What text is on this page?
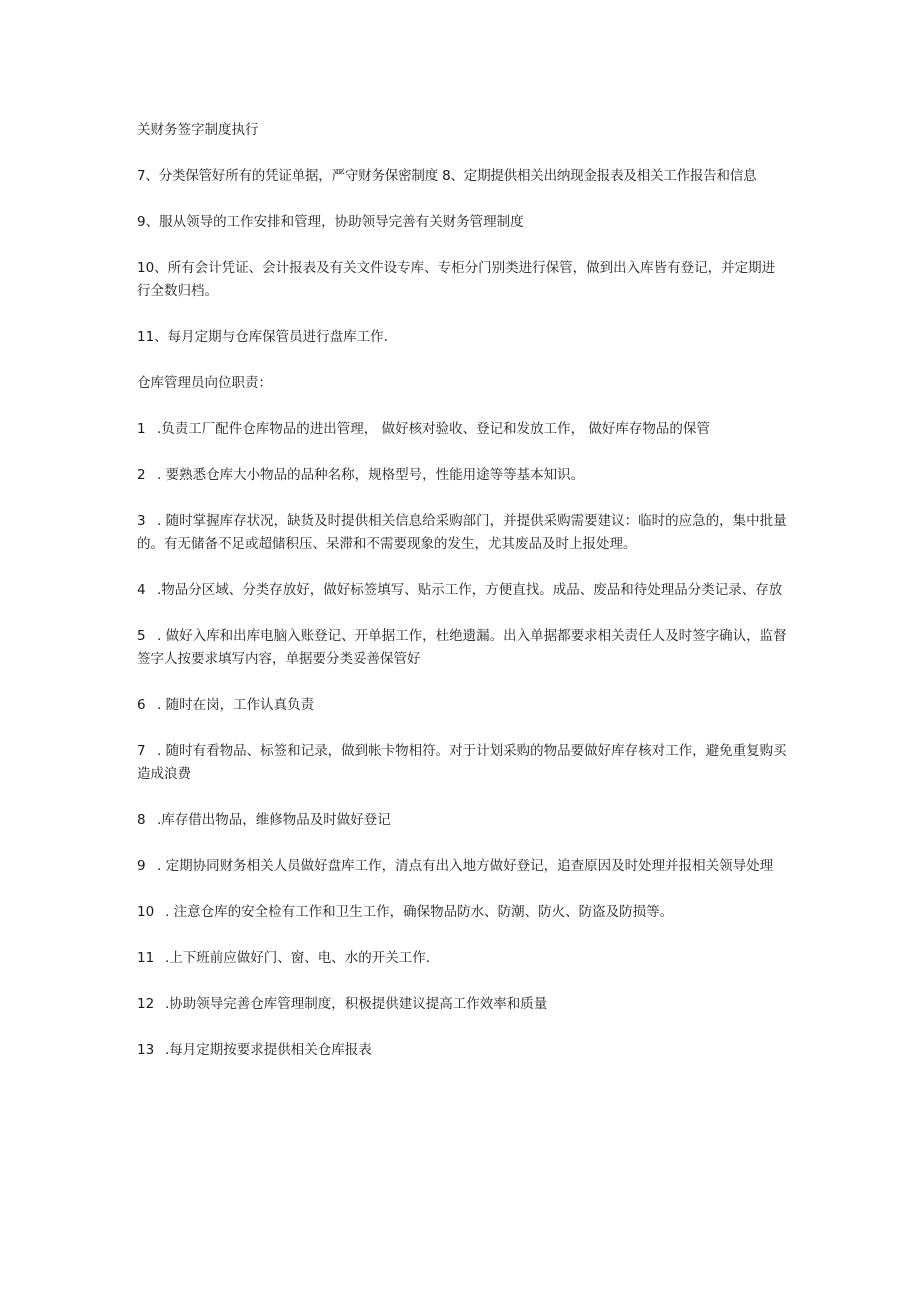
关财务签字制度执行

7、分类保管好所有的凭证单据，严守财务保密制度 8、定期提供相关出纳现金报表及相关工作报告和信息

9、服从领导的工作安排和管理，协助领导完善有关财务管理制度

10、所有会计凭证、会计报表及有关文件设专库、专柜分门别类进行保管，做到出入库皆有登记，并定期进行全数归档。

11、每月定期与仓库保管员进行盘库工作.

仓库管理员向位职责：

1 .负责工厂配件仓库物品的进出管理， 做好核对验收、登记和发放工作， 做好库存物品的保管

2 . 要熟悉仓库大小物品的品种名称，规格型号，性能用途等等基本知识。

3 . 随时掌握库存状况，缺货及时提供相关信息给采购部门，并提供采购需要建议：临时的应急的，集中批量的。有无储备不足或超储积压、呆滞和不需要现象的发生，尤其废品及时上报处理。

4 .物品分区域、分类存放好，做好标签填写、贴示工作，方便直找。成品、废品和待处理品分类记录、存放

5 . 做好入库和出库电脑入账登记、开单据工作，杜绝遗漏。出入单据都要求相关责任人及时签字确认，监督签字人按要求填写内容，单据要分类妥善保管好

6 . 随时在岗，工作认真负责

7 . 随时有看物品、标签和记录，做到帐卡物相符。对于计划采购的物品要做好库存核对工作，避免重复购买造成浪费

8 .库存借出物品，维修物品及时做好登记

9 . 定期协同财务相关人员做好盘库工作，清点有出入地方做好登记，追查原因及时处理并报相关领导处理

10 . 注意仓库的安全检有工作和卫生工作，确保物品防水、防潮、防火、防盗及防损等。

11 .上下班前应做好门、窗、电、水的开关工作.

12 .协助领导完善仓库管理制度，积极提供建议提高工作效率和质量

13 .每月定期按要求提供相关仓库报表
